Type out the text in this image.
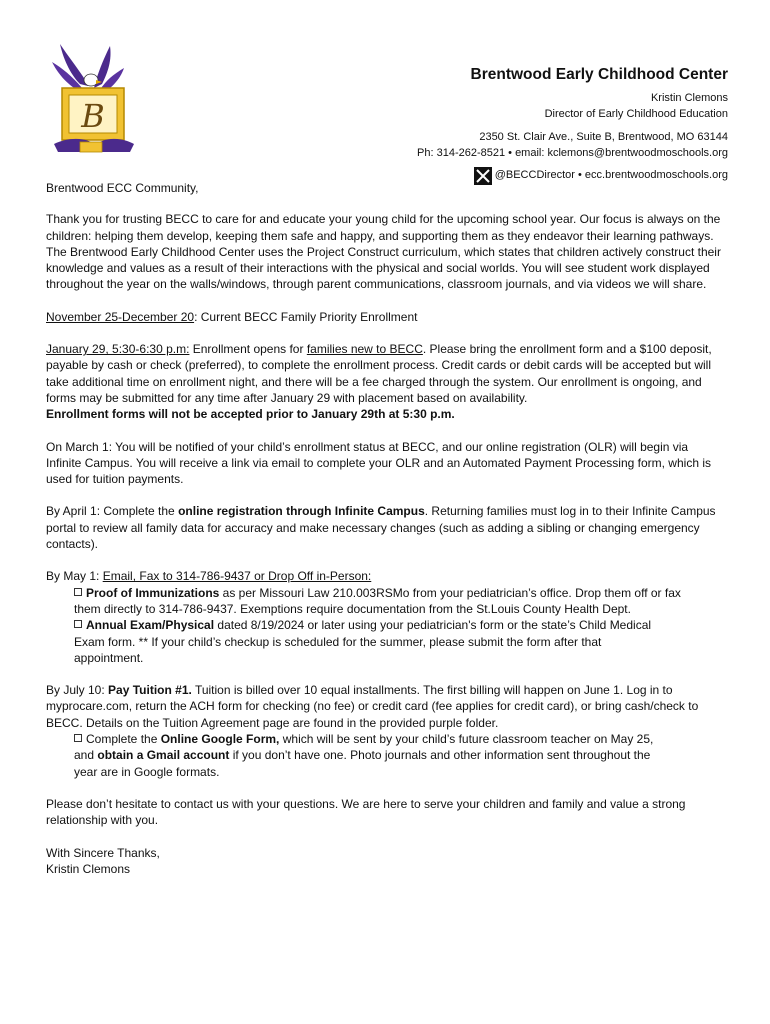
B
Brentwood Early Childhood Center
Kristin Clemons
Director of Early Childhood Education
2350 St. Clair Ave., Suite B, Brentwood, MO 63144
Ph: 314-262-8521 • email: kclemons@brentwoodmoschools.org
@BECCDirector • ecc.brentwoodmoschools.org

Brentwood ECC Community,

Thank you for trusting BECC to care for and educate your young child for the upcoming school year. Our focus is always on the children: helping them develop, keeping them safe and happy, and supporting them as they endeavor their learning pathways. The Brentwood Early Childhood Center uses the Project Construct curriculum, which states that children actively construct their knowledge and values as a result of their interactions with the physical and social worlds. You will see student work displayed throughout the year on the walls/windows, through parent communications, classroom journals, and via videos we will share.

November 25-December 20: Current BECC Family Priority Enrollment

January 29, 5:30-6:30 p.m: Enrollment opens for families new to BECC. Please bring the enrollment form and a $100 deposit, payable by cash or check (preferred), to complete the enrollment process. Credit cards or debit cards will be accepted but will take additional time on enrollment night, and there will be a fee charged through the system. Our enrollment is ongoing, and forms may be submitted for any time after January 29 with placement based on availability.
Enrollment forms will not be accepted prior to January 29th at 5:30 p.m.

On March 1: You will be notified of your child’s enrollment status at BECC, and our online registration (OLR) will begin via Infinite Campus. You will receive a link via email to complete your OLR and an Automated Payment Processing form, which is used for tuition payments.

By April 1: Complete the online registration through Infinite Campus. Returning families must log in to their Infinite Campus portal to review all family data for accuracy and make necessary changes (such as adding a sibling or changing emergency contacts).

By May 1: Email, Fax to 314-786-9437 or Drop Off in-Person:

Proof of Immunizations as per Missouri Law 210.003RSMo from your pediatrician’s office. Drop them off or fax

them directly to 314-786-9437. Exemptions require documentation from the St.Louis County Health Dept.

Annual Exam/Physical dated 8/19/2024 or later using your pediatrician's form or the state’s Child Medical

Exam form. ** If your child’s checkup is scheduled for the summer, please submit the form after that

appointment.

By July 10: Pay Tuition #1. Tuition is billed over 10 equal installments. The first billing will happen on June 1. Log in to myprocare.com, return the ACH form for checking (no fee) or credit card (fee applies for credit card), or bring cash/check to BECC. Details on the Tuition Agreement page are found in the provided purple folder.

Complete the Online Google Form, which will be sent by your child’s future classroom teacher on May 25,

and obtain a Gmail account if you don’t have one. Photo journals and other information sent throughout the

year are in Google formats.

Please don’t hesitate to contact us with your questions. We are here to serve your children and family and value a strong relationship with you.

With Sincere Thanks,

Kristin Clemons
